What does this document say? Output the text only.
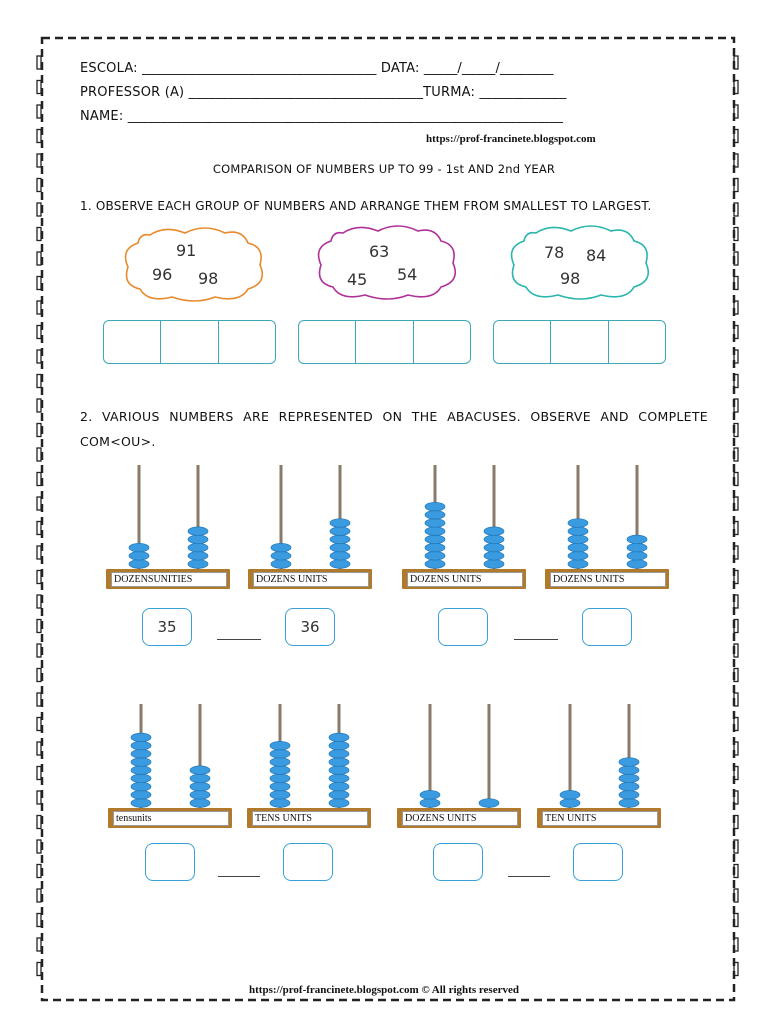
ESCOLA: ___________________________________ DATA: _____/_____/________
PROFESSOR (A) ___________________________________TURMA: _____________
NAME: _________________________________________________________________
https://prof-francinete.blogspot.com
COMPARISON OF NUMBERS UP TO 99 - 1st AND 2nd YEAR
1. OBSERVE EACH GROUP OF NUMBERS AND ARRANGE THEM FROM SMALLEST TO LARGEST.
91
96 98
63
45 54
78 84
98
2. VARIOUS NUMBERS ARE REPRESENTED ON THE ABACUSES. OBSERVE AND COMPLETE COM<OU>.
DOZENSUNITIES	DOZENS UNITS	DOZENS UNITS	DOZENS UNITS
tensunits	TENS UNITS	DOZENS UNITS	TEN UNITS
35	36
https://prof-francinete.blogspot.com © All rights reserved
